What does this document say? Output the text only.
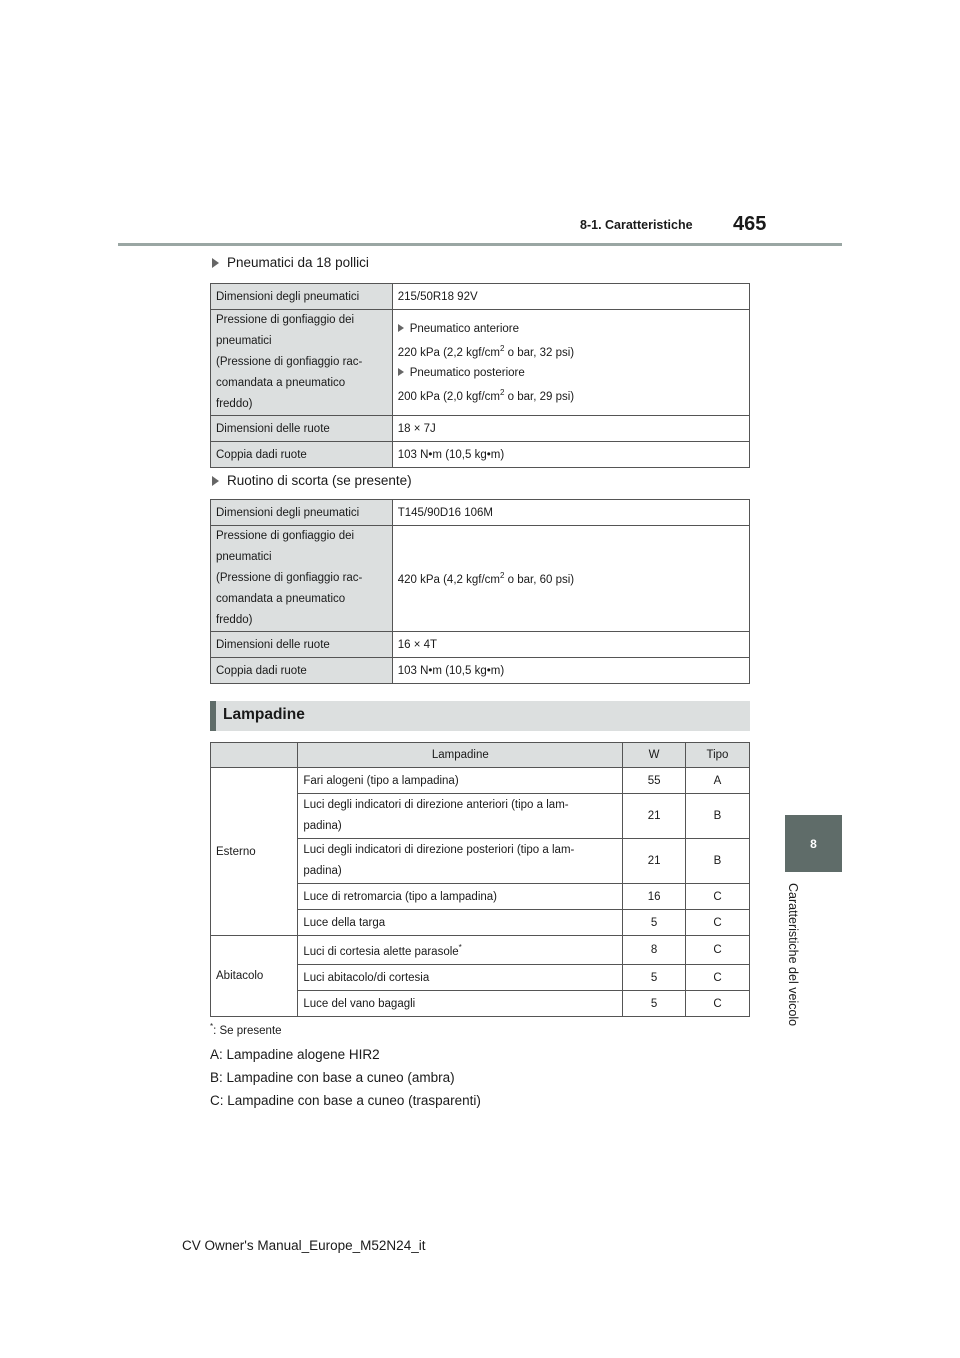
8-1. Caratteristiche	465
8
Caratteristiche del veicolo
Pneumatici da 18 pollici
Dimensioni degli pneumatici	215/50R18 92V

Pressione di gonfiaggio dei
pneumatici
(Pressione di gonfiaggio rac-
comandata a pneumatico
freddo)	Pneumatico anteriore
220 kPa (2,2 kgf/$cm^2$ o bar, 32 psi)
Pneumatico posteriore
200 kPa (2,0 kgf/$cm^2$ o bar, 29 psi)

Dimensioni delle ruote	18 × 7J
Coppia dadi ruote	103 N•m (10,5 kg•m)
Ruotino di scorta (se presente)
Dimensioni degli pneumatici	T145/90D16 106M

Pressione di gonfiaggio dei
pneumatici
(Pressione di gonfiaggio rac-
comandata a pneumatico
freddo)	420 kPa (4,2 kgf/$cm^2$ o bar, 60 psi)
Dimensioni delle ruote	16 × 4T
Coppia dadi ruote	103 N•m (10,5 kg•m)
Lampadine
	Lampadine	W	Tipo
Esterno	Fari alogeni (tipo a lampadina)	55	A

	Luci degli indicatori di direzione anteriori (tipo a lam-
padina)	21	B

	Luci degli indicatori di direzione posteriori (tipo a lam-
padina)	21	B
	Luce di retromarcia (tipo a lampadina)	16	C
	Luce della targa	5	C
Abitacolo	Luci di cortesia alette parasole*	8	C
	Luci abitacolo/di cortesia	5	C
	Luce del vano bagagli	5	C
*: Se presente
A: Lampadine alogene HIR2
B: Lampadine con base a cuneo (ambra)
C: Lampadine con base a cuneo (trasparenti)
CV Owner's Manual_Europe_M52N24_it
